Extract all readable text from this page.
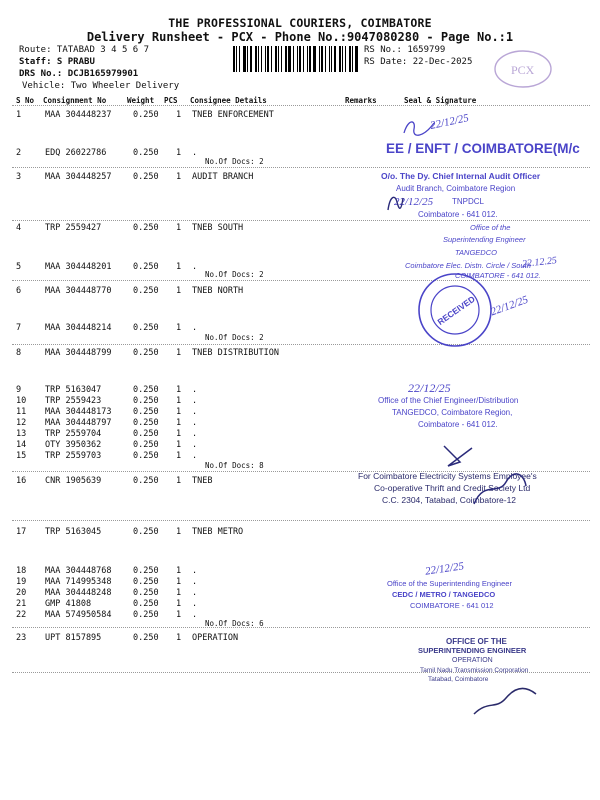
THE PROFESSIONAL COURIERS, COIMBATORE
Delivery Runsheet - PCX - Phone No.:9047080280 - Page No.:1
Route: TATABAD 3 4 5 6 7
Staff: S PRABU
DRS No.: DCJB165979901
Vehicle: Two Wheeler Delivery
RS No.: 1659799
RS Date: 22-Dec-2025
PCX
S No Consignment No	Weight PCS Consignee Details	Remarks	Seal & Signature
1	MAA 304448237	0.250 1 TNEB ENFORCEMENT
2	EDQ 26022786	0.250 1 .
3	MAA 304448257	0.250 1 AUDIT BRANCH
4	TRP 2559427	0.250 1 TNEB SOUTH
5	MAA 304448201	0.250 1 .
6	MAA 304448770	0.250 1 TNEB NORTH
7	MAA 304448214	0.250 1 .
8	MAA 304448799	0.250 1 TNEB DISTRIBUTION
9	TRP 5163047	0.250 1 .
10 TRP 2559423	0.250 1 .
11 MAA 304448173	0.250 1 .
12 MAA 304448797	0.250 1 .
13 TRP 2559704	0.250 1 .
14 OTY 3950362	0.250 1 .
15 TRP 2559703	0.250 1 .
16 CNR 1905639	0.250 1 TNEB
17 TRP 5163045	0.250 1 TNEB METRO
18 MAA 304448768	0.250 1 .
19 MAA 714995348	0.250 1 .
20 MAA 304448248	0.250 1 .
21 GMP 41808	0.250 1 .
22 MAA 574950584	0.250 1 .
23 UPT 8157895	0.250 1 OPERATION
No.Of Docs: 2
No.Of Docs: 2
No.Of Docs: 2
No.Of Docs: 8
No.Of Docs: 6
22/12/25
EE / ENFT / COIMBATORE(M/c
O/o. The Dy. Chief Internal Audit Officer
Audit Branch, Coimbatore Region
22/12/25 TNPDCL
Coimbatore - 641 012.
Office of the
Superintending Engineer
TANGEDCO
22.12.25
Coimbatore Elec. Distn. Circle / South
COIMBATORE - 641 012.
RECEIVED 22/12/25
22/12/25
Office of the Chief Engineer/Distribution
TANGEDCO, Coimbatore Region,
Coimbatore - 641 012.
For Coimbatore Electricity Systems Employee's
Co-operative Thrift and Credit Society Ltd
C.C. 2304, Tatabad, Coimbatore-12
22/12/25
Office of the Superintending Engineer
CEDC / METRO / TANGEDCO
COIMBATORE - 641 012
OFFICE OF THE
SUPERINTENDING ENGINEER
OPERATION
Tamil Nadu Transmission Corporation
Tatabad, Coimbatore
